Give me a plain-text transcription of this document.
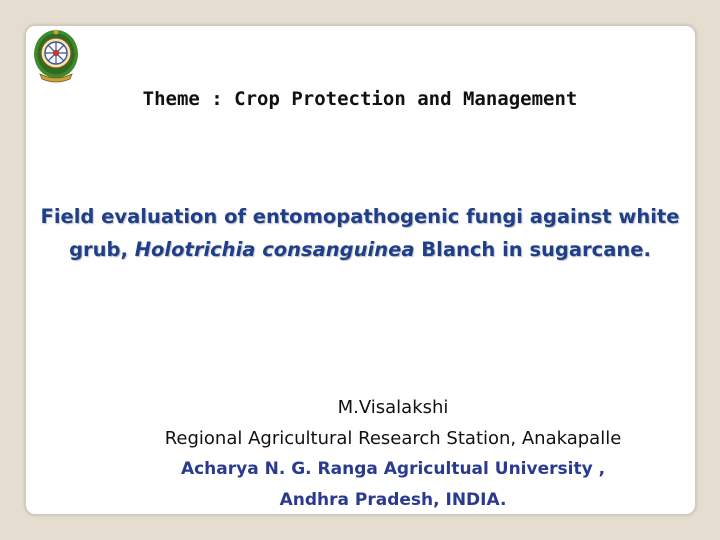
Theme : Crop Protection and Management
Field evaluation of entomopathogenic fungi against white grub, Holotrichia consanguinea Blanch in sugarcane.
M.Visalakshi
Regional Agricultural Research Station, Anakapalle
Acharya N. G. Ranga Agricultual University ,
Andhra Pradesh, INDIA.
